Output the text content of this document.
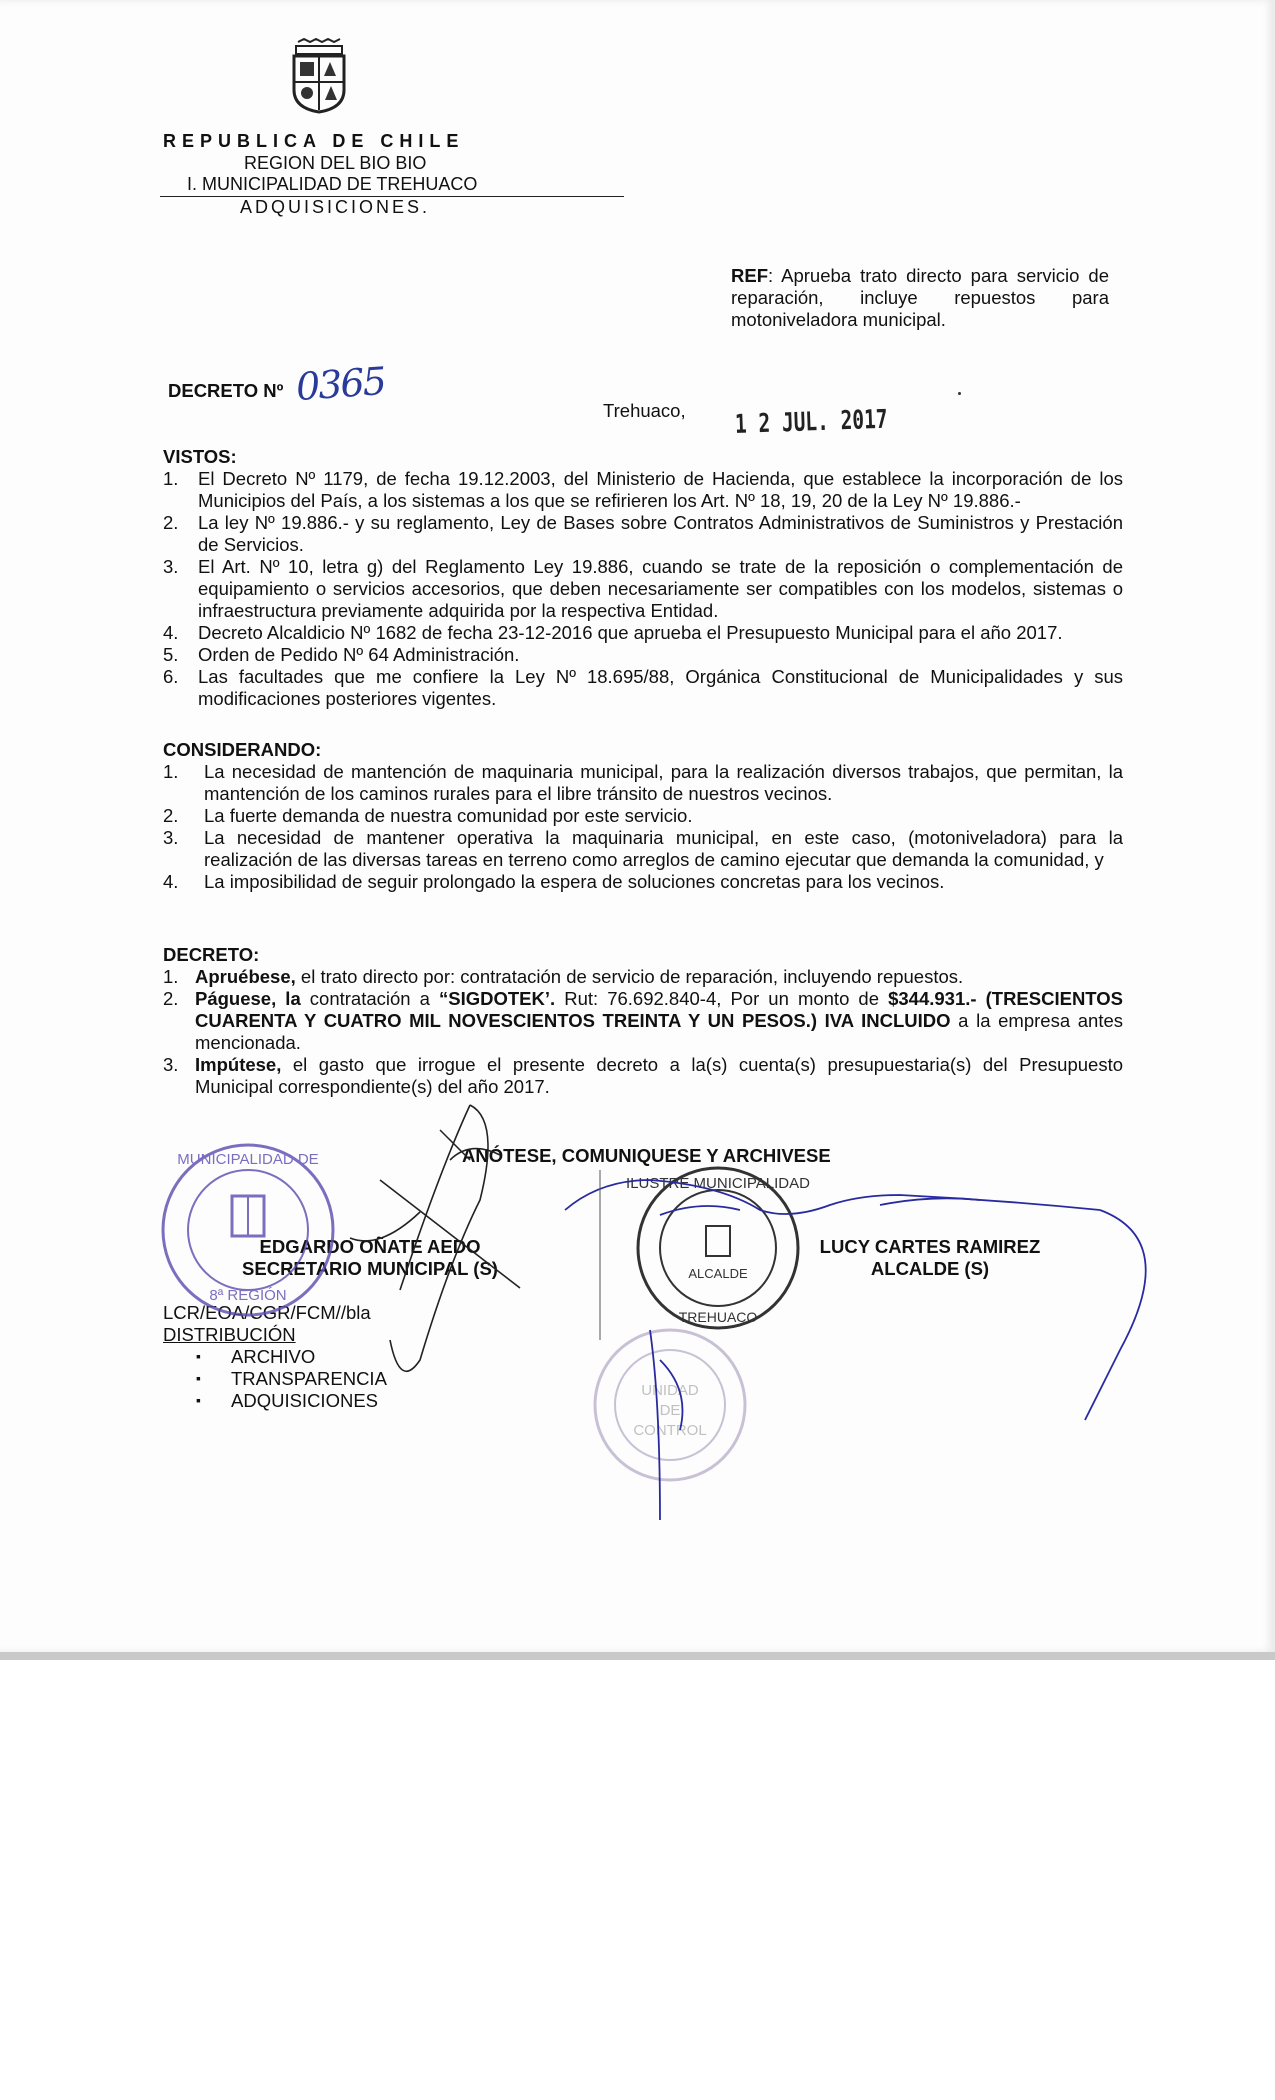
REPUBLICA DE CHILE
REGION DEL BIO BIO
I. MUNICIPALIDAD DE TREHUACO
ADQUISICIONES.
REF: Aprueba trato directo para servicio de reparación, incluye repuestos para motoniveladora municipal.
DECRETO Nº 0365
Trehuaco, 1 2 JUL. 2017
VISTOS:
1. El Decreto Nº 1179, de fecha 19.12.2003, del Ministerio de Hacienda, que establece la incorporación de los Municipios del País, a los sistemas a los que se refirieren los Art. Nº 18, 19, 20 de la Ley Nº 19.886.-
2. La ley Nº 19.886.- y su reglamento, Ley de Bases sobre Contratos Administrativos de Suministros y Prestación de Servicios.
3. El Art. Nº 10, letra g) del Reglamento Ley 19.886, cuando se trate de la reposición o complementación de equipamiento o servicios accesorios, que deben necesariamente ser compatibles con los modelos, sistemas o infraestructura previamente adquirida por la respectiva Entidad.
4. Decreto Alcaldicio Nº 1682 de fecha 23-12-2016 que aprueba el Presupuesto Municipal para el año 2017.
5. Orden de Pedido Nº 64 Administración.
6. Las facultades que me confiere la Ley Nº 18.695/88, Orgánica Constitucional de Municipalidades y sus modificaciones posteriores vigentes.
CONSIDERANDO:
1. La necesidad de mantención de maquinaria municipal, para la realización diversos trabajos, que permitan, la mantención de los caminos rurales para el libre tránsito de nuestros vecinos.
2. La fuerte demanda de nuestra comunidad por este servicio.
3. La necesidad de mantener operativa la maquinaria municipal, en este caso, (motoniveladora) para la realización de las diversas tareas en terreno como arreglos de camino ejecutar que demanda la comunidad, y
4. La imposibilidad de seguir prolongado la espera de soluciones concretas para los vecinos.
DECRETO:
1. Apruébese, el trato directo por: contratación de servicio de reparación, incluyendo repuestos.
2. Páguese, la contratación a “SIGDOTEK’. Rut: 76.692.840-4, Por un monto de $344.931.- (TRESCIENTOS CUARENTA Y CUATRO MIL NOVESCIENTOS TREINTA Y UN PESOS.) IVA INCLUIDO a la empresa antes mencionada.
3. Impútese, el gasto que irrogue el presente decreto a la(s) cuenta(s) presupuestaria(s) del Presupuesto Municipal correspondiente(s) del año 2017.
ANÓTESE, COMUNIQUESE Y ARCHIVESE
EDGARDO OÑATE AEDO
SECRETARIO MUNICIPAL (S)
LUCY CARTES RAMIREZ
ALCALDE (S)
LCR/EOA/CGR/FCM//bla
DISTRIBUCIÓN
▪ ARCHIVO
▪ TRANSPARENCIA
▪ ADQUISICIONES
MUNICIPALIDAD DE
8ª REGIÓN
ILUSTRE MUNICIPALIDAD
ALCALDE
TREHUACO
UNIDAD
DE
CONTROL
